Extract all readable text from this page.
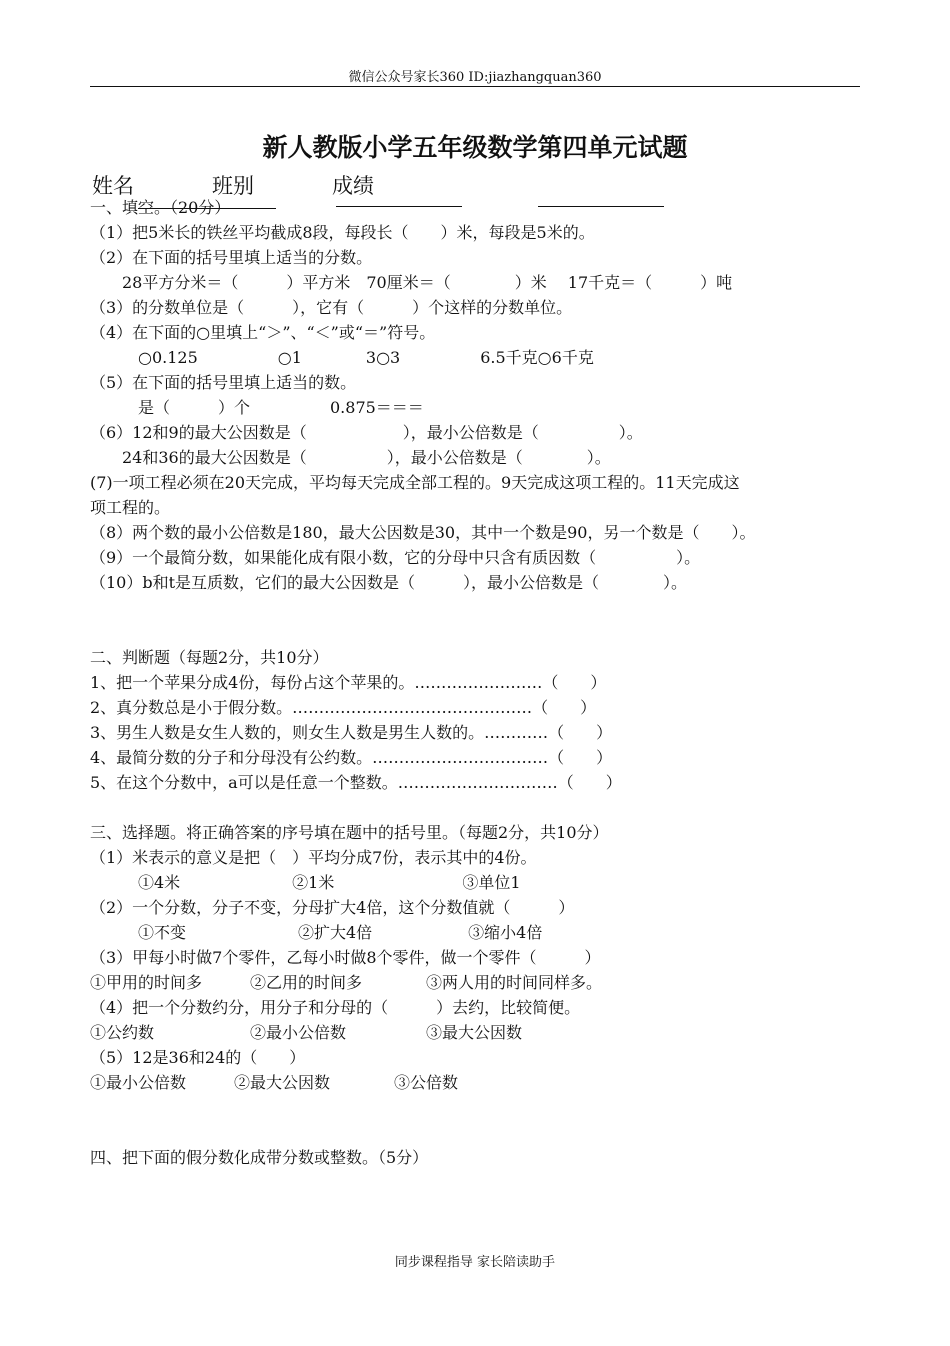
微信公众号家长360 ID:jiazhangquan360
新人教版小学五年级数学第四单元试题
姓名	班别	成绩
一、填空。（20分）
（1）把5米长的铁丝平均截成8段，每段长（　　）米，每段是5米的。
（2）在下面的括号里填上适当的分数。
　　28平方分米＝（　　　）平方米　70厘米＝（　　　　）米　 17千克＝（　　　）吨
（3）的分数单位是（　　　），它有（　　　）个这样的分数单位。
（4）在下面的○里填上“＞”、“＜”或“＝”符号。
　　　○0.125　　　　　○1　　　　3○3　　　　　6.5千克○6千克
（5）在下面的括号里填上适当的数。
　　　是（　　　）个　　　　　0.875＝＝＝
（6）12和9的最大公因数是（　　　　　　），最小公倍数是（　　　　　）。
　　24和36的最大公因数是（　　　　　），最小公倍数是（　　　　）。
(7)一项工程必须在20天完成，平均每天完成全部工程的。9天完成这项工程的。11天完成这
项工程的。
（8）两个数的最小公倍数是180，最大公因数是30，其中一个数是90，另一个数是（　　）。
（9）一个最简分数，如果能化成有限小数，它的分母中只含有质因数（　　　　　）。
（10）b和t是互质数，它们的最大公因数是（　　　），最小公倍数是（　　　　）。
二、判断题（每题2分，共10分）
1、把一个苹果分成4份，每份占这个苹果的。……………………（　　）
2、真分数总是小于假分数。………………………………………（　　）
3、男生人数是女生人数的，则女生人数是男生人数的。…………（　　）
4、最简分数的分子和分母没有公约数。……………………………（　　）
5、在这个分数中，a可以是任意一个整数。…………………………（　　）
三、选择题。将正确答案的序号填在题中的括号里。（每题2分，共10分）
（1）米表示的意义是把（　）平均分成7份，表示其中的4份。
　　　①4米　　　　　　　②1米　　　　　　　　③单位1
（2）一个分数，分子不变，分母扩大4倍，这个分数值就（　　　）
　　　①不变　　　　　　　②扩大4倍　　　　　　③缩小4倍
（3）甲每小时做7个零件，乙每小时做8个零件，做一个零件（　　　）
①甲用的时间多　　　②乙用的时间多　　　　③两人用的时间同样多。
（4）把一个分数约分，用分子和分母的（　　　）去约，比较简便。
①公约数　　　　　　②最小公倍数　　　　　③最大公因数
（5）12是36和24的（　　）
①最小公倍数　　　②最大公因数　　　　③公倍数
四、把下面的假分数化成带分数或整数。（5分）
同步课程指导 家长陪读助手
